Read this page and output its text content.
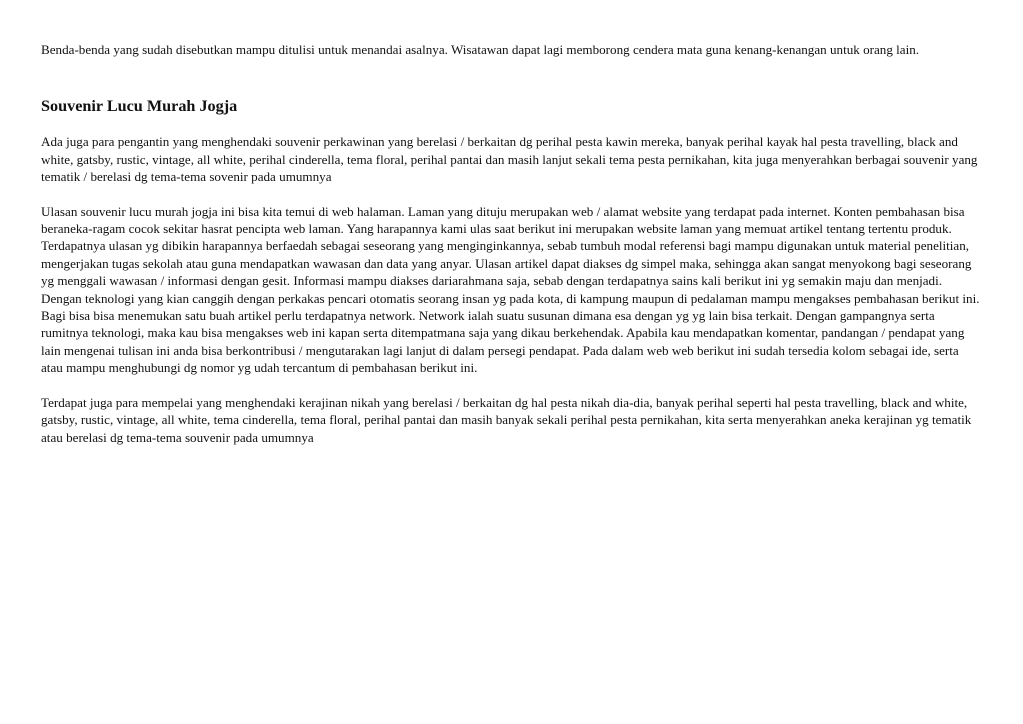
Benda-benda yang sudah disebutkan mampu ditulisi untuk menandai asalnya. Wisatawan dapat lagi memborong cendera mata guna kenang-kenangan untuk orang lain.

Souvenir Lucu Murah Jogja

Ada juga para pengantin yang menghendaki souvenir perkawinan yang berelasi / berkaitan dg perihal pesta kawin mereka, banyak perihal kayak hal pesta travelling, black and white, gatsby, rustic, vintage, all white, perihal cinderella, tema floral, perihal pantai dan masih lanjut sekali tema pesta pernikahan, kita juga menyerahkan berbagai souvenir yang tematik / berelasi dg tema-tema sovenir pada umumnya

Ulasan souvenir lucu murah jogja ini bisa kita temui di web halaman. Laman yang dituju merupakan web / alamat website yang terdapat pada internet. Konten pembahasan bisa beraneka-ragam cocok sekitar hasrat pencipta web laman. Yang harapannya kami ulas saat berikut ini merupakan website laman yang memuat artikel tentang tertentu produk. Terdapatnya ulasan yg dibikin harapannya berfaedah sebagai seseorang yang menginginkannya, sebab tumbuh modal referensi bagi mampu digunakan untuk material penelitian, mengerjakan tugas sekolah atau guna mendapatkan wawasan dan data yang anyar. Ulasan artikel dapat diakses dg simpel maka, sehingga akan sangat menyokong bagi seseorang yg menggali wawasan / informasi dengan gesit. Informasi mampu diakses dariarahmana saja, sebab dengan terdapatnya sains kali berikut ini yg semakin maju dan menjadi. Dengan teknologi yang kian canggih dengan perkakas pencari otomatis seorang insan yg pada kota, di kampung maupun di pedalaman mampu mengakses pembahasan berikut ini. Bagi bisa bisa menemukan satu buah artikel perlu terdapatnya network. Network ialah suatu susunan dimana esa dengan yg yg lain bisa terkait. Dengan gampangnya serta rumitnya teknologi, maka kau bisa mengakses web ini kapan serta ditempatmana saja yang dikau berkehendak. Apabila kau mendapatkan komentar, pandangan / pendapat yang lain mengenai tulisan ini anda bisa berkontribusi / mengutarakan lagi lanjut di dalam persegi pendapat. Pada dalam web web berikut ini sudah tersedia kolom sebagai ide, serta atau mampu menghubungi dg nomor yg udah tercantum di pembahasan berikut ini.

Terdapat juga para mempelai yang menghendaki kerajinan nikah yang berelasi / berkaitan dg hal pesta nikah dia-dia, banyak perihal seperti hal pesta travelling, black and white, gatsby, rustic, vintage, all white, tema cinderella, tema floral, perihal pantai dan masih banyak sekali perihal pesta pernikahan, kita serta menyerahkan aneka kerajinan yg tematik atau berelasi dg tema-tema souvenir pada umumnya
